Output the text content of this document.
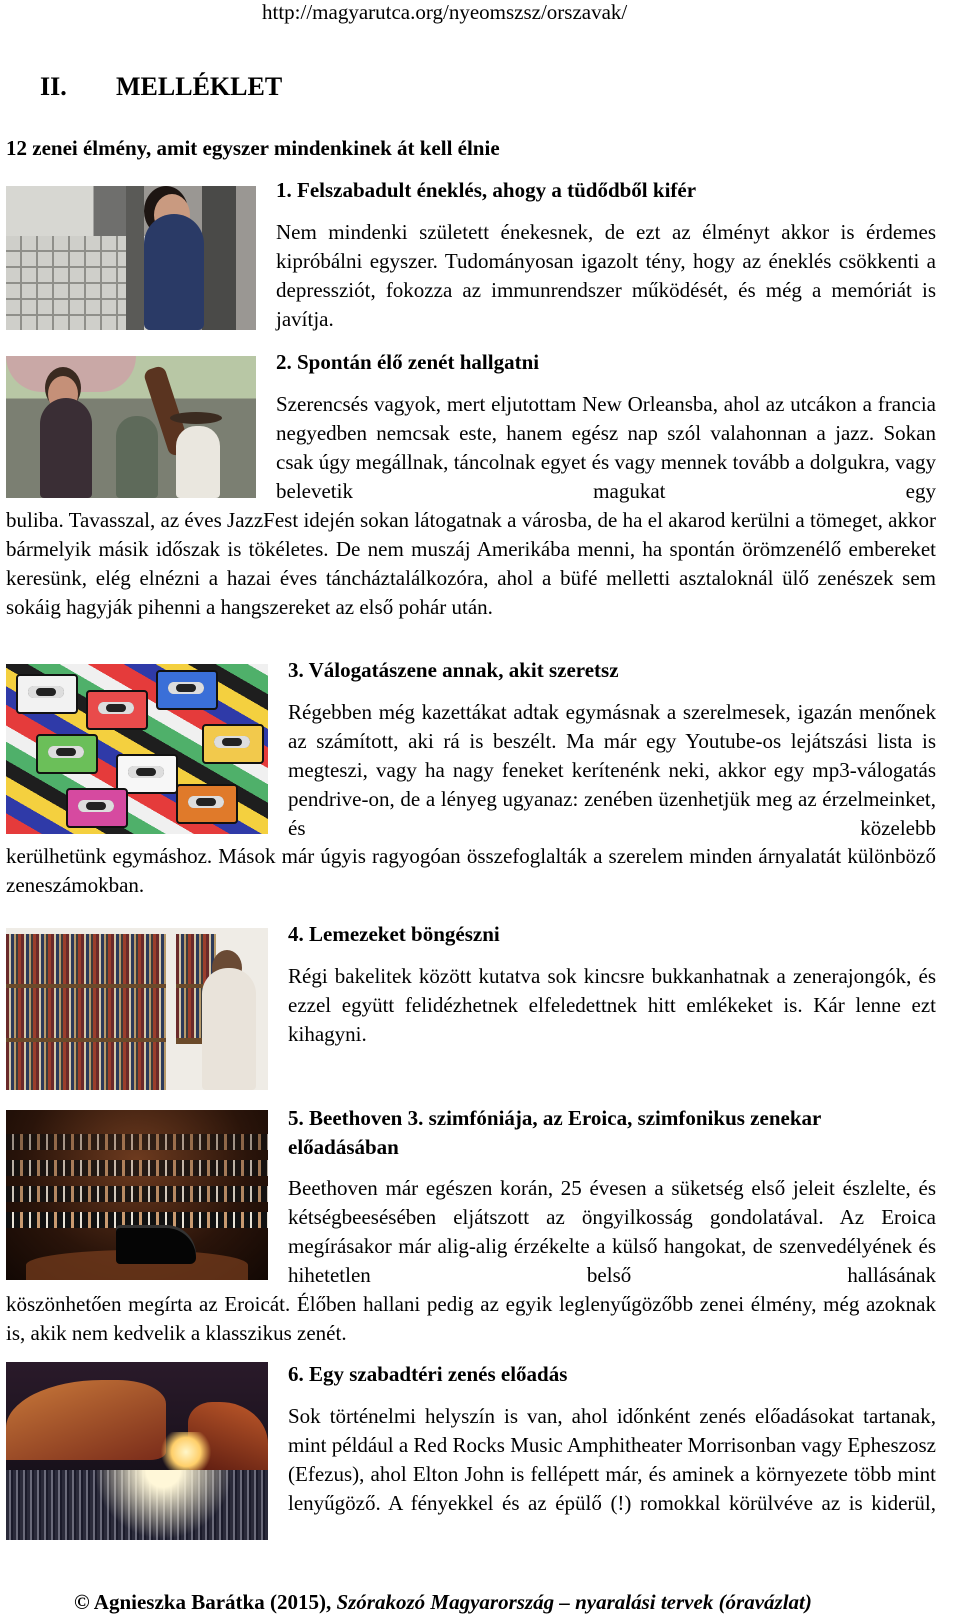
http://magyarutca.org/nyeomszsz/orszavak/
II. MELLÉKLET
12 zenei élmény, amit egyszer mindenkinek át kell élnie
1. Felszabadult éneklés, ahogy a tüdődből kifér
Nem mindenki született énekesnek, de ezt az élményt akkor is érdemes kipróbálni egyszer. Tudományosan igazolt tény, hogy az éneklés csökkenti a depressziót, fokozza az immunrendszer működését, és még a memóriát is javítja.
2. Spontán élő zenét hallgatni
Szerencsés vagyok, mert eljutottam New Orleansba, ahol az utcákon a francia negyedben nemcsak este, hanem egész nap szól valahonnan a jazz. Sokan csak úgy megállnak, táncolnak egyet és vagy mennek tovább a dolgukra, vagy belevetik magukat egy
buliba. Tavasszal, az éves JazzFest idején sokan látogatnak a városba, de ha el akarod kerülni a tömeget, akkor bármelyik másik időszak is tökéletes. De nem muszáj Amerikába menni, ha spontán örömzenélő embereket keresünk, elég elnézni a hazai éves táncháztalálkozóra, ahol a büfé melletti asztaloknál ülő zenészek sem sokáig hagyják pihenni a hangszereket az első pohár után.
3. Válogatászene annak, akit szeretsz
Régebben még kazettákat adtak egymásnak a szerelmesek, igazán menőnek az számított, aki rá is beszélt. Ma már egy Youtube-os lejátszási lista is megteszi, vagy ha nagy feneket kerítenénk neki, akkor egy mp3-válogatás pendrive-on, de a lényeg ugyanaz: zenében üzenhetjük meg az érzelmeinket, és közelebb
kerülhetünk egymáshoz. Mások már úgyis ragyogóan összefoglalták a szerelem minden árnyalatát különböző zeneszámokban.
4. Lemezeket böngészni
Régi bakelitek között kutatva sok kincsre bukkanhatnak a zenerajongók, és ezzel együtt felidézhetnek elfeledettnek hitt emlékeket is. Kár lenne ezt kihagyni.
5. Beethoven 3. szimfóniája, az Eroica, szimfonikus zenekar előadásában
Beethoven már egészen korán, 25 évesen a süketség első jeleit észlelte, és kétségbeesésében eljátszott az öngyilkosság gondolatával. Az Eroica megírásakor már alig-alig érzékelte a külső hangokat, de szenvedélyének és hihetetlen belső hallásának
köszönhetően megírta az Eroicát. Élőben hallani pedig az egyik leglenyűgözőbb zenei élmény, még azoknak is, akik nem kedvelik a klasszikus zenét.
6. Egy szabadtéri zenés előadás
Sok történelmi helyszín is van, ahol időnként zenés előadásokat tartanak, mint például a Red Rocks Music Amphitheater Morrisonban vagy Epheszosz (Efezus), ahol Elton John is fellépett már, és aminek a környezete több mint lenyűgöző. A fényekkel és az épülő (!) romokkal körülvéve az is kiderül,
© Agnieszka Barátka (2015), Szórakozó Magyarország – nyaralási tervek (óravázlat)
